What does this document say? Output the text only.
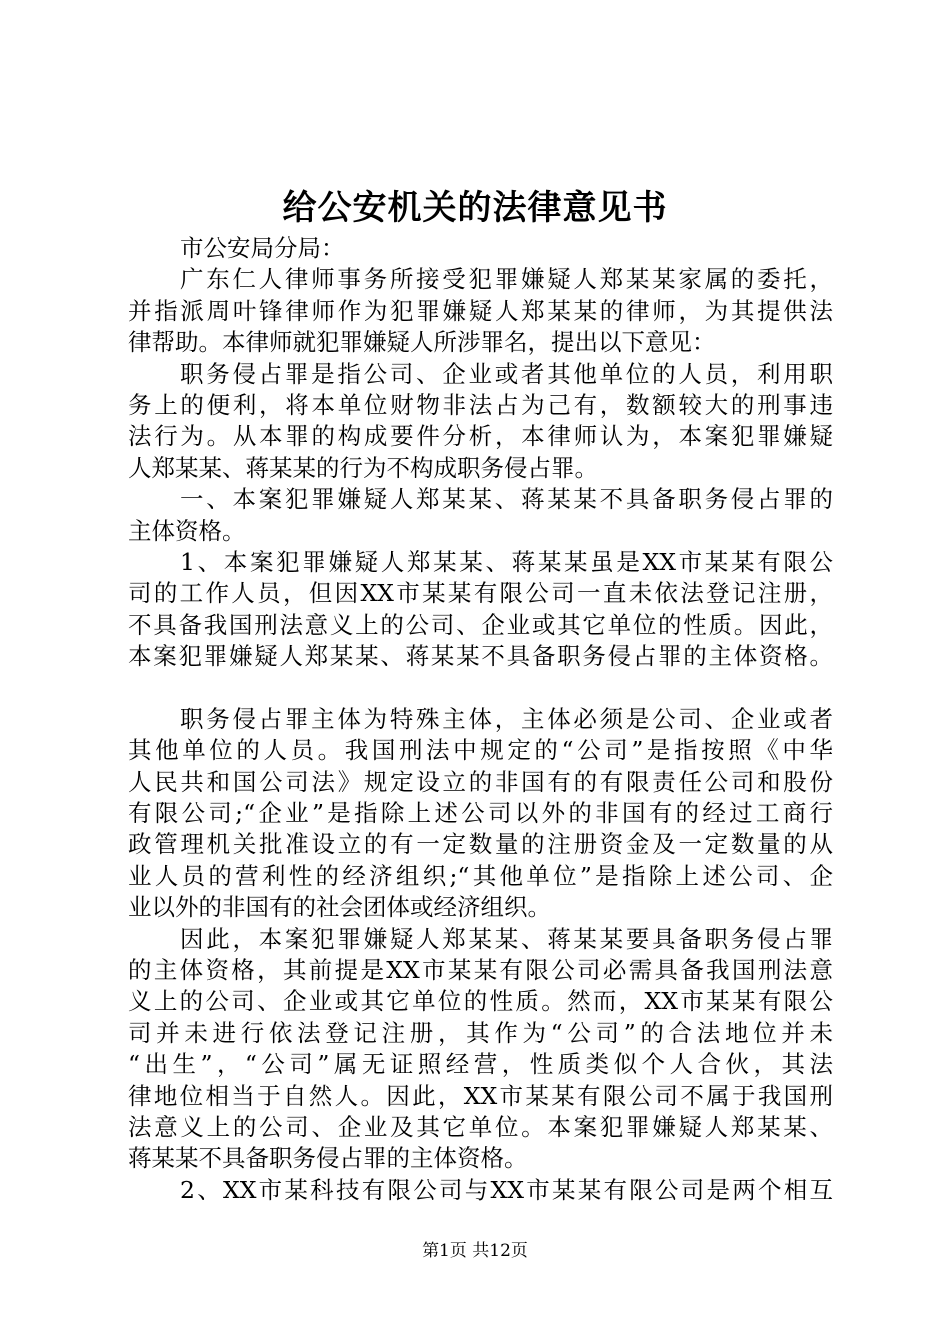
给公安机关的法律意见书
市公安局分局：
广东仁人律师事务所接受犯罪嫌疑人郑某某家属的委托，
并指派周叶锋律师作为犯罪嫌疑人郑某某的律师，为其提供法
律帮助。本律师就犯罪嫌疑人所涉罪名，提出以下意见：
职务侵占罪是指公司、企业或者其他单位的人员，利用职
务上的便利，将本单位财物非法占为己有，数额较大的刑事违
法行为。从本罪的构成要件分析，本律师认为，本案犯罪嫌疑
人郑某某、蒋某某的行为不构成职务侵占罪。
一、本案犯罪嫌疑人郑某某、蒋某某不具备职务侵占罪的
主体资格。
1、本案犯罪嫌疑人郑某某、蒋某某虽是XX市某某有限公
司的工作人员，但因XX市某某有限公司一直未依法登记注册，
不具备我国刑法意义上的公司、企业或其它单位的性质。因此，
本案犯罪嫌疑人郑某某、蒋某某不具备职务侵占罪的主体资格。
职务侵占罪主体为特殊主体，主体必须是公司、企业或者
其他单位的人员。我国刑法中规定的“公司”是指按照《中华
人民共和国公司法》规定设立的非国有的有限责任公司和股份
有限公司;“企业”是指除上述公司以外的非国有的经过工商行
政管理机关批准设立的有一定数量的注册资金及一定数量的从
业人员的营利性的经济组织;“其他单位”是指除上述公司、企
业以外的非国有的社会团体或经济组织。
因此，本案犯罪嫌疑人郑某某、蒋某某要具备职务侵占罪
的主体资格，其前提是XX市某某有限公司必需具备我国刑法意
义上的公司、企业或其它单位的性质。然而，XX市某某有限公
司并未进行依法登记注册，其作为“公司”的合法地位并未
“出生”，“公司”属无证照经营，性质类似个人合伙，其法
律地位相当于自然人。因此，XX市某某有限公司不属于我国刑
法意义上的公司、企业及其它单位。本案犯罪嫌疑人郑某某、
蒋某某不具备职务侵占罪的主体资格。
2、XX市某科技有限公司与XX市某某有限公司是两个相互
第1页 共12页
